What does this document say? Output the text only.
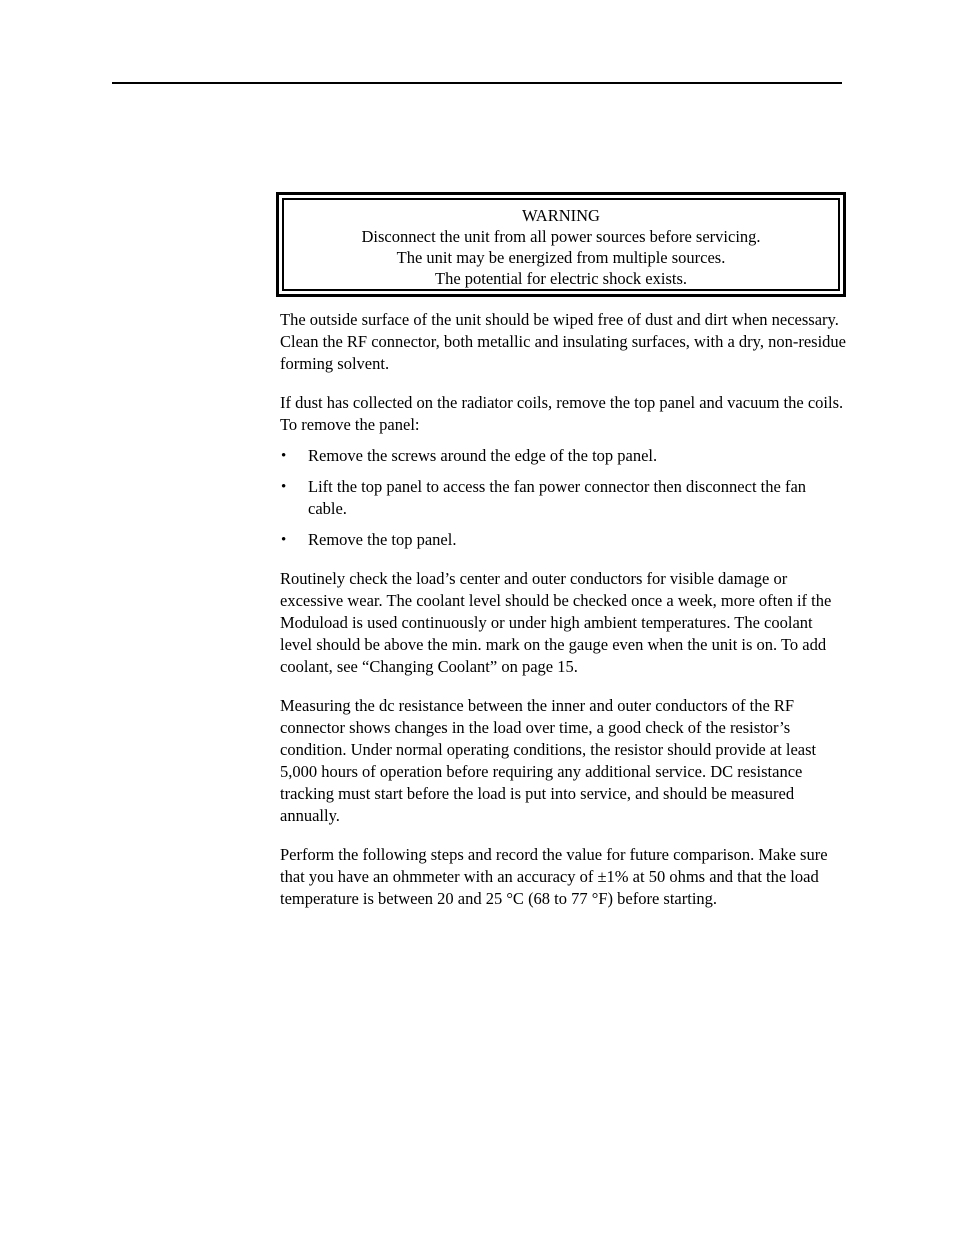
WARNING
Disconnect the unit from all power sources before servicing.
The unit may be energized from multiple sources.
The potential for electric shock exists.

The outside surface of the unit should be wiped free of dust and dirt when necessary. Clean the RF connector, both metallic and insulating surfaces, with a dry, non-residue forming solvent.

If dust has collected on the radiator coils, remove the top panel and vacuum the coils. To remove the panel:

• Remove the screws around the edge of the top panel.
• Lift the top panel to access the fan power connector then disconnect the fan cable.
• Remove the top panel.

Routinely check the load’s center and outer conductors for visible damage or excessive wear. The coolant level should be checked once a week, more often if the Moduload is used continuously or under high ambient temperatures. The coolant level should be above the min. mark on the gauge even when the unit is on. To add coolant, see “Changing Coolant” on page 15.

Measuring the dc resistance between the inner and outer conductors of the RF connector shows changes in the load over time, a good check of the resistor’s condition. Under normal operating conditions, the resistor should provide at least 5,000 hours of operation before requiring any additional service. DC resistance tracking must start before the load is put into service, and should be measured annually.

Perform the following steps and record the value for future comparison. Make sure that you have an ohmmeter with an accuracy of ±1% at 50 ohms and that the load temperature is between 20 and 25 °C (68 to 77 °F) before starting.
